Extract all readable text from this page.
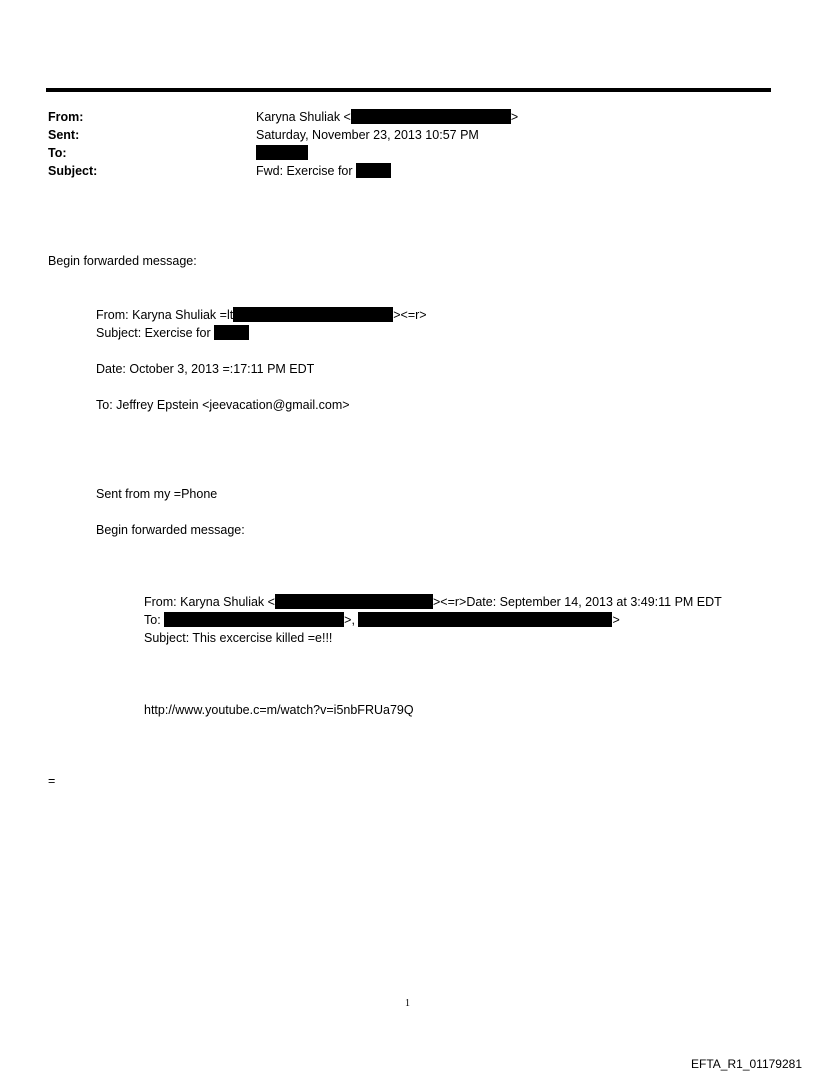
From:	Karyna Shuliak <	>
Sent:	Saturday, November 23, 2013 10:57 PM
To:
Subject:	Fwd: Exercise for
Begin forwarded message:
From: Karyna Shuliak =lt	><=r>
Subject: Exercise for
Date: October 3, 2013 =:17:11 PM EDT
To: Jeffrey Epstein <jeevacation@gmail.com>
Sent from my =Phone
Begin forwarded message:
From: Karyna Shuliak <	><=r>Date: September 14, 2013 at 3:49:11 PM EDT
To:	>,	>
Subject: This excercise killed =e!!!
http://www.youtube.c=m/watch?v=i5nbFRUa79Q
=
1
EFTA_R1_01179281
